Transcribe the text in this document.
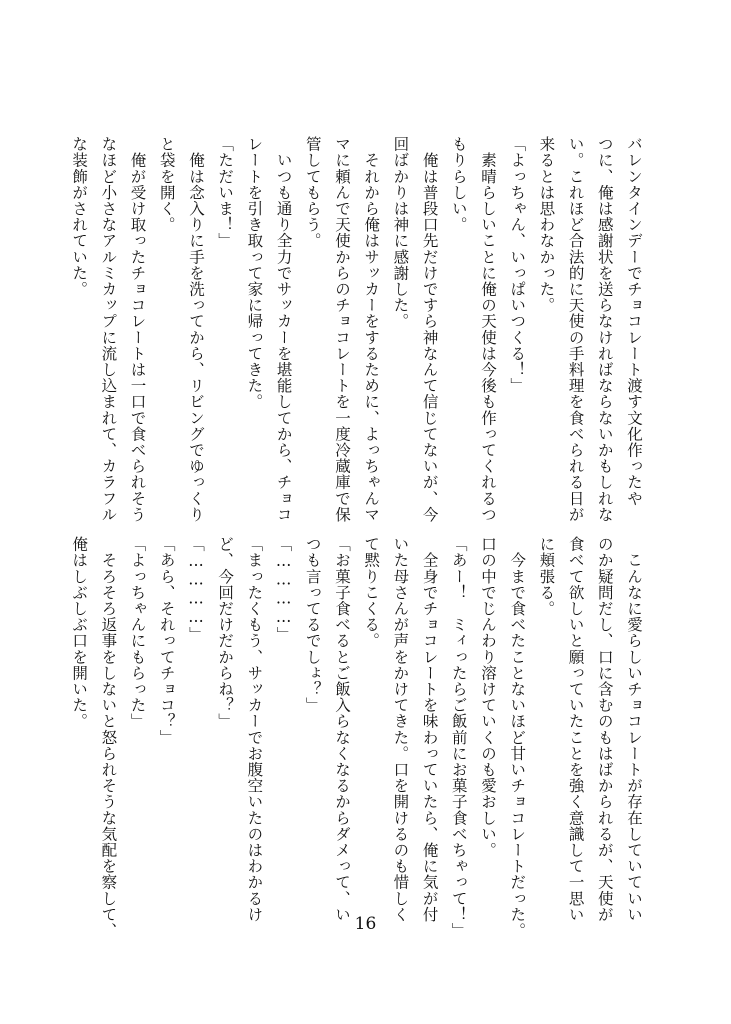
バレンタインデーでチョコレート渡す文化作ったや

つに、俺は感謝状を送らなければならないかもしれな

い。これほど合法的に天使の手料理を食べられる日が

来るとは思わなかった。

「よっちゃん、いっぱいつくる！」

　素晴らしいことに俺の天使は今後も作ってくれるつ

もりらしい。

　俺は普段口先だけですら神なんて信じてないが、今

回ばかりは神に感謝した。

　それから俺はサッカーをするために、よっちゃんマ

マに頼んで天使からのチョコレートを一度冷蔵庫で保

管してもらう。

　いつも通り全力でサッカーを堪能してから、チョコ

レートを引き取って家に帰ってきた。

「ただいま！」

　俺は念入りに手を洗ってから、リビングでゆっくり

と袋を開く。

　俺が受け取ったチョコレートは一口で食べられそう

なほど小さなアルミカップに流し込まれて、カラフル

な装飾がされていた。

　こんなに愛らしいチョコレートが存在していていい

のか疑問だし、口に含むのもはばかられるが、天使が

食べて欲しいと願っていたことを強く意識して一思い

に頬張る。

　今まで食べたことないほど甘いチョコレートだった。

口の中でじんわり溶けていくのも愛おしい。

「あー！　ミィったらご飯前にお菓子食べちゃって！」

　全身でチョコレートを味わっていたら、俺に気が付

いた母さんが声をかけてきた。口を開けるのも惜しく

て黙りこくる。

「お菓子食べるとご飯入らなくなるからダメって、い

つも言ってるでしょ？」

「…………」

「まったくもう、サッカーでお腹空いたのはわかるけ

ど、今回だけだからね？」

「…………」

「あら、それってチョコ？」

「よっちゃんにもらった」

　そろそろ返事をしないと怒られそうな気配を察して、

俺はしぶしぶ口を開いた。

16
